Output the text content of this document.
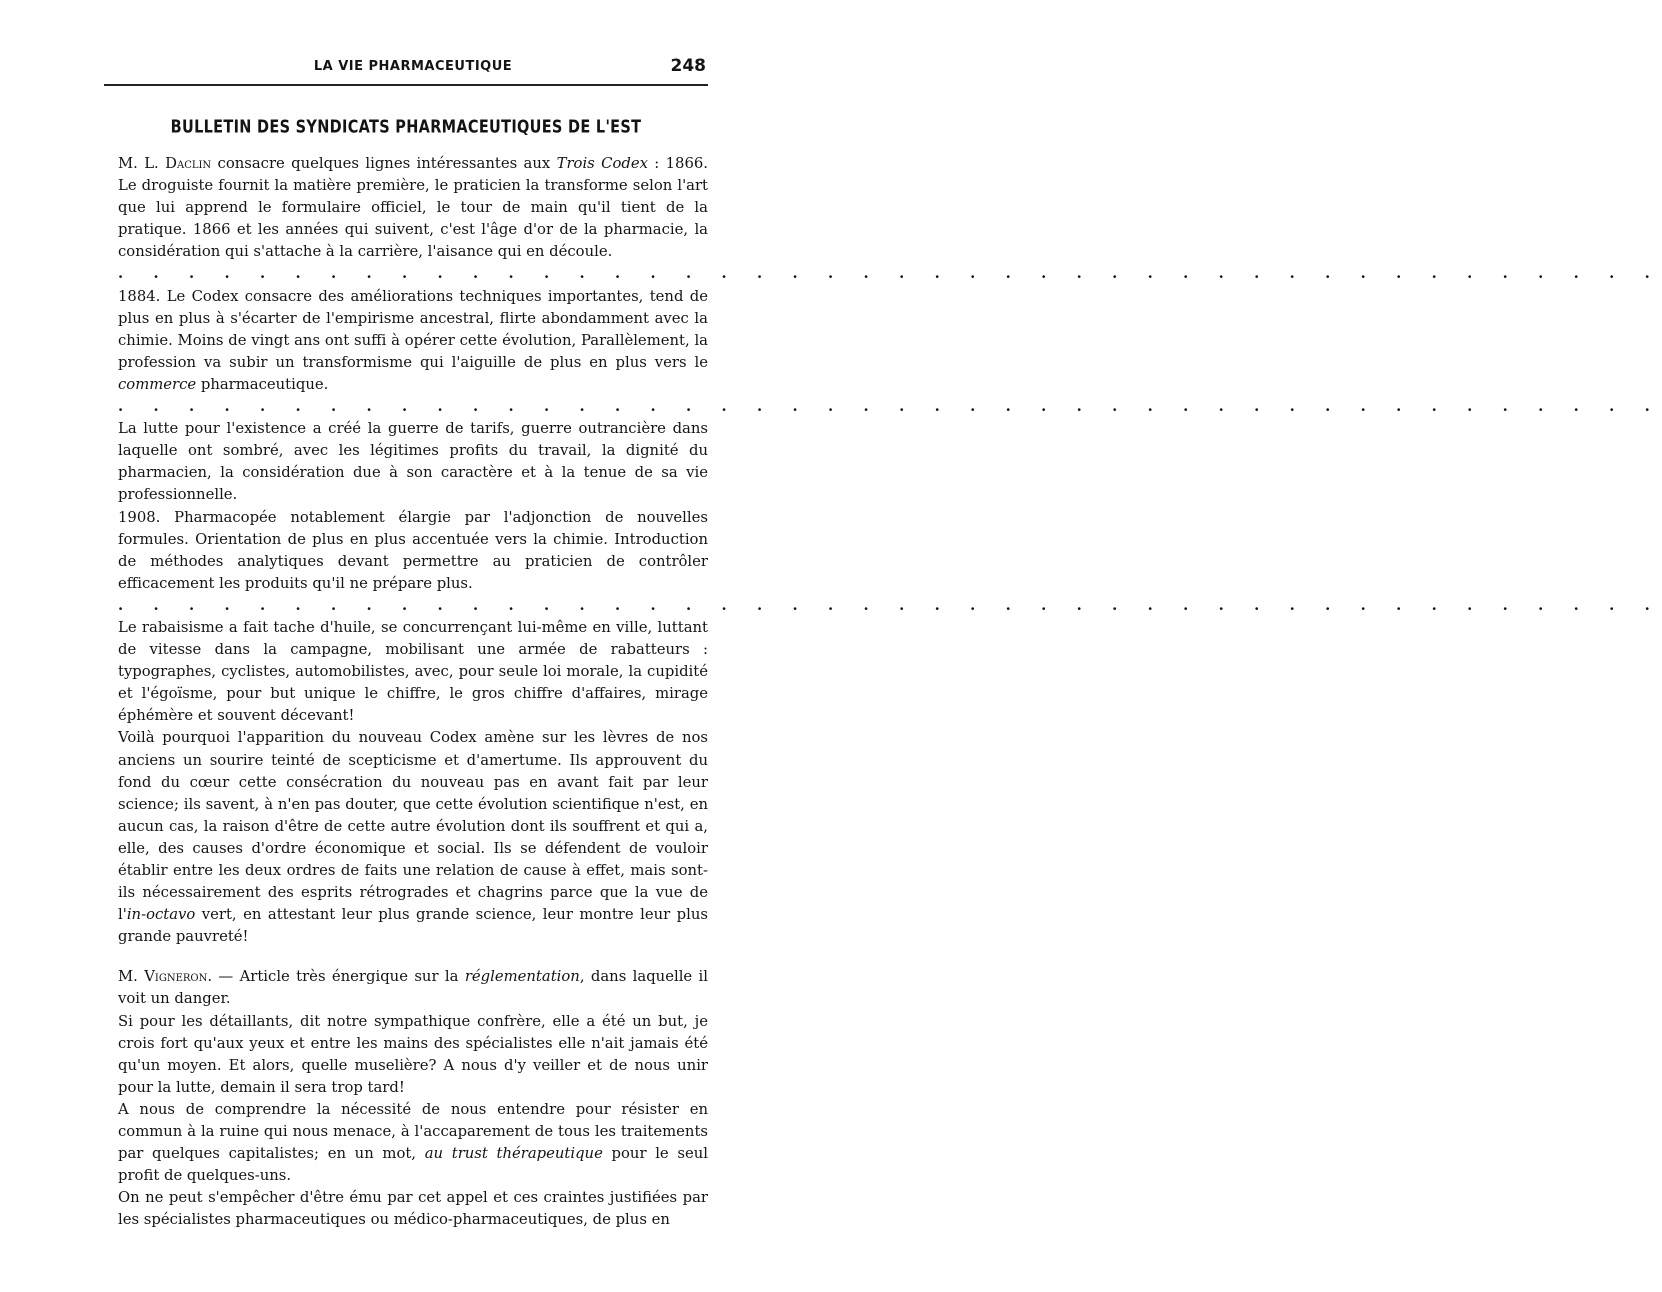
LA VIE PHARMACEUTIQUE	248
BULLETIN DES SYNDICATS PHARMACEUTIQUES DE L'EST

M. L. Daclin consacre quelques lignes intéressantes aux Trois Codex : 1866. Le droguiste fournit la matière première, le praticien la transforme selon l'art que lui apprend le formulaire officiel, le tour de main qu'il tient de la pratique. 1866 et les années qui suivent, c'est l'âge d'or de la pharmacie, la considération qui s'attache à la carrière, l'aisance qui en découle.

. . . . . . . . . . . . . . . . . . . . . . . . . . . . . . . . . . . . . . . . . . . .

1884. Le Codex consacre des améliorations techniques importantes, tend de plus en plus à s'écarter de l'empirisme ancestral, flirte abondamment avec la chimie. Moins de vingt ans ont suffi à opérer cette évolution, Parallèlement, la profession va subir un transformisme qui l'aiguille de plus en plus vers le commerce pharmaceutique.

. . . . . . . . . . . . . . . . . . . . . . . . . . . . . . . . . . . . . . . . . . . .

La lutte pour l'existence a créé la guerre de tarifs, guerre outrancière dans laquelle ont sombré, avec les légitimes profits du travail, la dignité du pharmacien, la considération due à son caractère et à la tenue de sa vie professionnelle.

1908. Pharmacopée notablement élargie par l'adjonction de nouvelles formules. Orientation de plus en plus accentuée vers la chimie. Introduction de méthodes analytiques devant permettre au praticien de contrôler efficacement les produits qu'il ne prépare plus.

. . . . . . . . . . . . . . . . . . . . . . . . . . . . . . . . . . . . . . . . . . . .

Le rabaisisme a fait tache d'huile, se concurrençant lui-même en ville, luttant de vitesse dans la campagne, mobilisant une armée de rabatteurs : typographes, cyclistes, automobilistes, avec, pour seule loi morale, la cupidité et l'égoïsme, pour but unique le chiffre, le gros chiffre d'affaires, mirage éphémère et souvent décevant!

Voilà pourquoi l'apparition du nouveau Codex amène sur les lèvres de nos anciens un sourire teinté de scepticisme et d'amertume. Ils approuvent du fond du cœur cette consécration du nouveau pas en avant fait par leur science; ils savent, à n'en pas douter, que cette évolution scientifique n'est, en aucun cas, la raison d'être de cette autre évolution dont ils souffrent et qui a, elle, des causes d'ordre économique et social. Ils se défendent de vouloir établir entre les deux ordres de faits une relation de cause à effet, mais sont-ils nécessairement des esprits rétrogrades et chagrins parce que la vue de l'in-octavo vert, en attestant leur plus grande science, leur montre leur plus grande pauvreté!

M. Vigneron. — Article très énergique sur la réglementation, dans laquelle il voit un danger.

Si pour les détaillants, dit notre sympathique confrère, elle a été un but, je crois fort qu'aux yeux et entre les mains des spécialistes elle n'ait jamais été qu'un moyen. Et alors, quelle muselière? A nous d'y veiller et de nous unir pour la lutte, demain il sera trop tard!

A nous de comprendre la nécessité de nous entendre pour résister en commun à la ruine qui nous menace, à l'accaparement de tous les traitements par quelques capitalistes; en un mot, au trust thérapeutique pour le seul profit de quelques-uns.

On ne peut s'empêcher d'être ému par cet appel et ces craintes justifiées par les spécialistes pharmaceutiques ou médico-pharmaceutiques, de plus en
